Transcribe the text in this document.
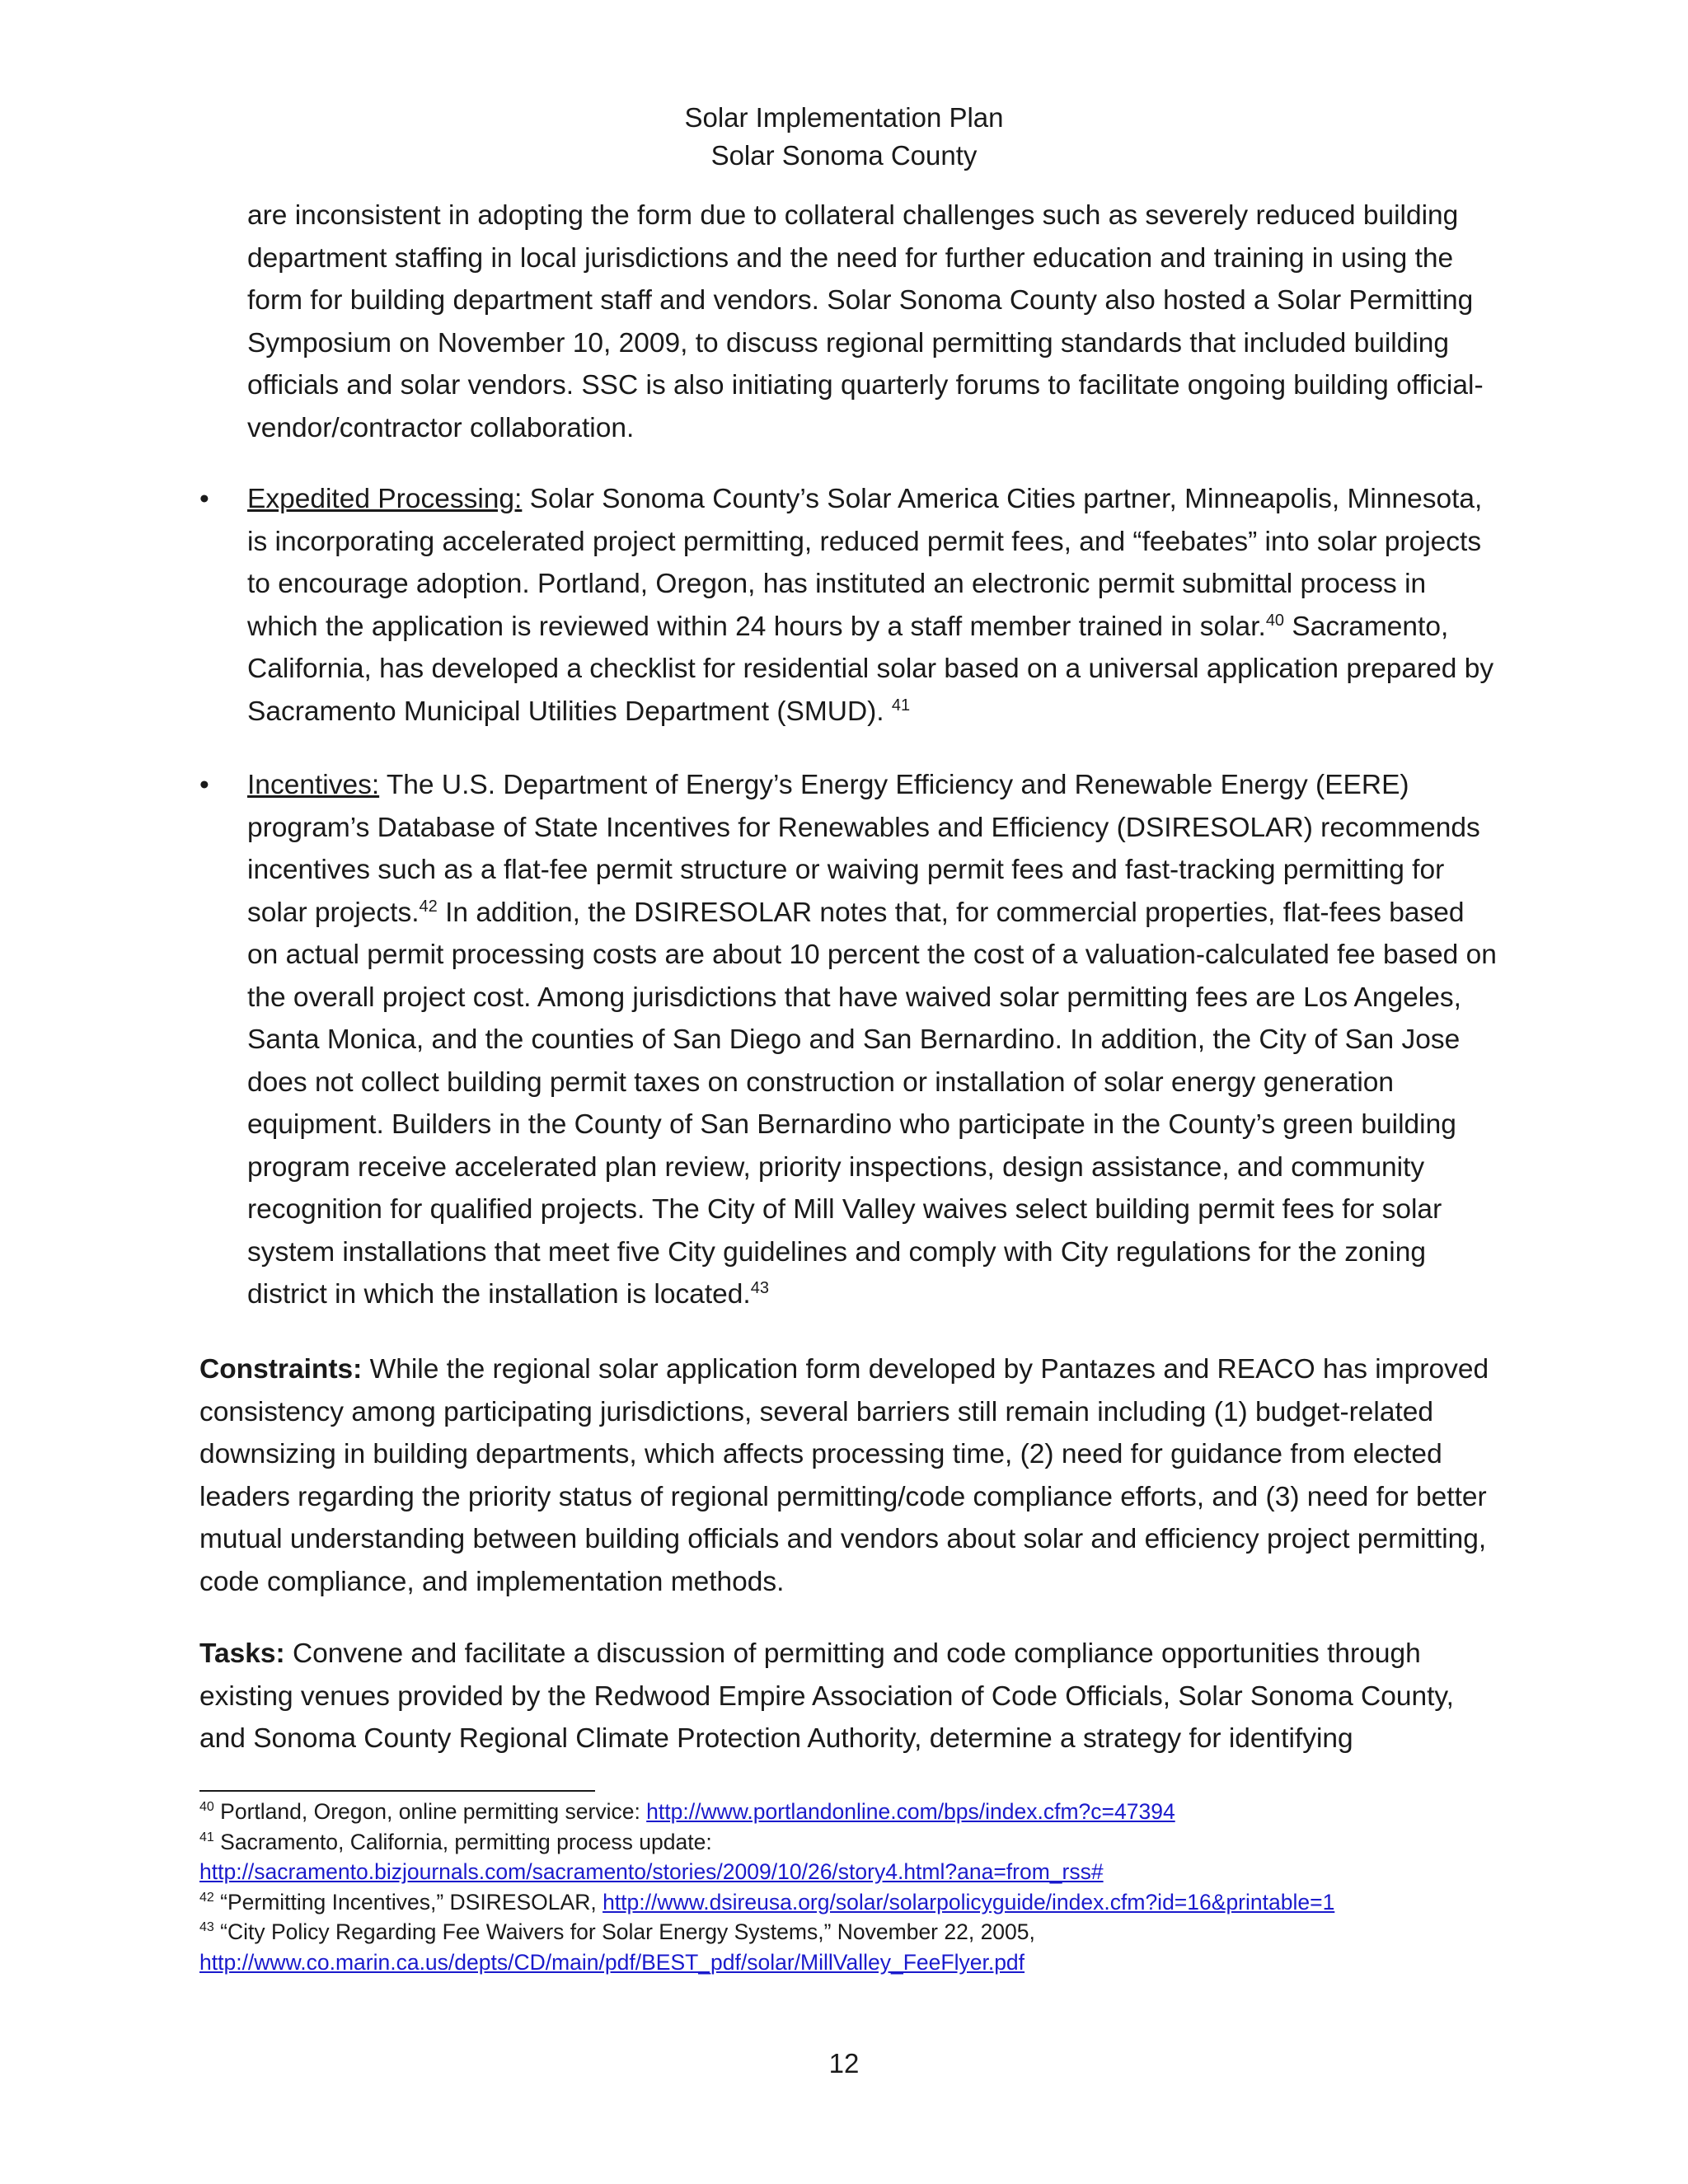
Solar Implementation Plan
Solar Sonoma County

are inconsistent in adopting the form due to collateral challenges such as severely reduced building department staffing in local jurisdictions and the need for further education and training in using the form for building department staff and vendors. Solar Sonoma County also hosted a Solar Permitting Symposium on November 10, 2009, to discuss regional permitting standards that included building officials and solar vendors. SSC is also initiating quarterly forums to facilitate ongoing building official-vendor/contractor collaboration.

• Expedited Processing: Solar Sonoma County’s Solar America Cities partner, Minneapolis, Minnesota, is incorporating accelerated project permitting, reduced permit fees, and “feebates” into solar projects to encourage adoption. Portland, Oregon, has instituted an electronic permit submittal process in which the application is reviewed within 24 hours by a staff member trained in solar.$^{40}$ Sacramento, California, has developed a checklist for residential solar based on a universal application prepared by Sacramento Municipal Utilities Department (SMUD). $^{41}$

• Incentives: The U.S. Department of Energy’s Energy Efficiency and Renewable Energy (EERE) program’s Database of State Incentives for Renewables and Efficiency (DSIRESOLAR) recommends incentives such as a flat-fee permit structure or waiving permit fees and fast-tracking permitting for solar projects.$^{42}$ In addition, the DSIRESOLAR notes that, for commercial properties, flat-fees based on actual permit processing costs are about 10 percent the cost of a valuation-calculated fee based on the overall project cost. Among jurisdictions that have waived solar permitting fees are Los Angeles, Santa Monica, and the counties of San Diego and San Bernardino. In addition, the City of San Jose does not collect building permit taxes on construction or installation of solar energy generation equipment. Builders in the County of San Bernardino who participate in the County’s green building program receive accelerated plan review, priority inspections, design assistance, and community recognition for qualified projects. The City of Mill Valley waives select building permit fees for solar system installations that meet five City guidelines and comply with City regulations for the zoning district in which the installation is located.$^{43}$

Constraints: While the regional solar application form developed by Pantazes and REACO has improved consistency among participating jurisdictions, several barriers still remain including (1) budget-related downsizing in building departments, which affects processing time, (2) need for guidance from elected leaders regarding the priority status of regional permitting/code compliance efforts, and (3) need for better mutual understanding between building officials and vendors about solar and efficiency project permitting, code compliance, and implementation methods.

Tasks: Convene and facilitate a discussion of permitting and code compliance opportunities through existing venues provided by the Redwood Empire Association of Code Officials, Solar Sonoma County, and Sonoma County Regional Climate Protection Authority, determine a strategy for identifying

$^{40}$ Portland, Oregon, online permitting service: http://www.portlandonline.com/bps/index.cfm?c=47394
$^{41}$ Sacramento, California, permitting process update:
http://sacramento.bizjournals.com/sacramento/stories/2009/10/26/story4.html?ana=from_rss#
$^{42}$ “Permitting Incentives,” DSIRESOLAR, http://www.dsireusa.org/solar/solarpolicyguide/index.cfm?id=16&printable=1
$^{43}$ “City Policy Regarding Fee Waivers for Solar Energy Systems,” November 22, 2005,
http://www.co.marin.ca.us/depts/CD/main/pdf/BEST_pdf/solar/MillValley_FeeFlyer.pdf
12
